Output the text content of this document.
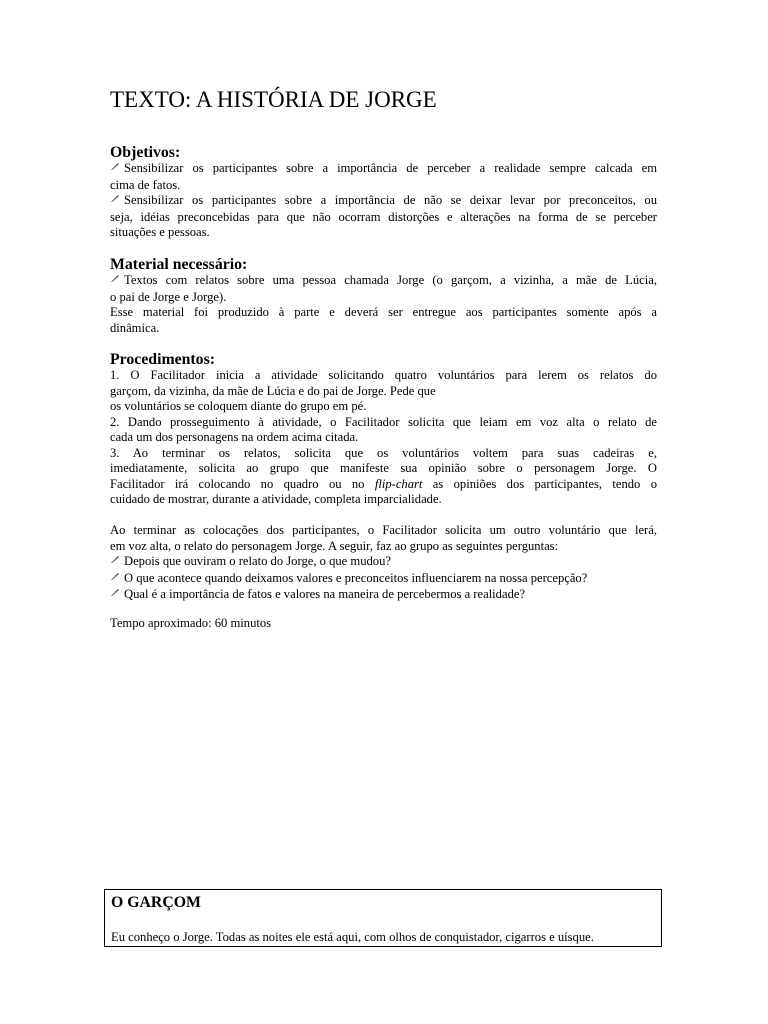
TEXTO: A HISTÓRIA DE JORGE
Objetivos:
Sensibilizar os participantes sobre a importância de perceber a realidade sempre calcada em
cima de fatos.
Sensibilizar os participantes sobre a importância de não se deixar levar por preconceitos, ou
seja, idéias preconcebidas para que não ocorram distorções e alterações na forma de se perceber
situações e pessoas.
Material necessário:
Textos com relatos sobre uma pessoa chamada Jorge (o garçom, a vizinha, a mãe de Lúcia,
o pai de Jorge e Jorge).
Esse material foi produzido à parte e deverá ser entregue aos participantes somente após a
dinâmica.
Procedimentos:
1. O Facilitador inicia a atividade solicitando quatro voluntários para lerem os relatos do
garçom, da vizinha, da mãe de Lúcia e do pai de Jorge. Pede que
os voluntários se coloquem diante do grupo em pé.
2. Dando prosseguimento à atividade, o Facilitador solicita que leiam em voz alta o relato de
cada um dos personagens na ordem acima citada.
3. Ao terminar os relatos, solicita que os voluntários voltem para suas cadeiras e,
imediatamente, solicita ao grupo que manifeste sua opinião sobre o personagem Jorge. O
Facilitador irá colocando no quadro ou no flip-chart as opiniões dos participantes, tendo o
cuidado de mostrar, durante a atividade, completa imparcialidade.
Ao terminar as colocações dos participantes, o Facilitador solicita um outro voluntário que lerá,
em voz alta, o relato do personagem Jorge. A seguir, faz ao grupo as seguintes perguntas:
Depois que ouviram o relato do Jorge, o que mudou?
O que acontece quando deixamos valores e preconceitos influenciarem na nossa percepção?
Qual é a importância de fatos e valores na maneira de percebermos a realidade?
Tempo aproximado: 60 minutos
O GARÇOM

Eu conheço o Jorge. Todas as noites ele está aqui, com olhos de conquistador, cigarros e uísque.
